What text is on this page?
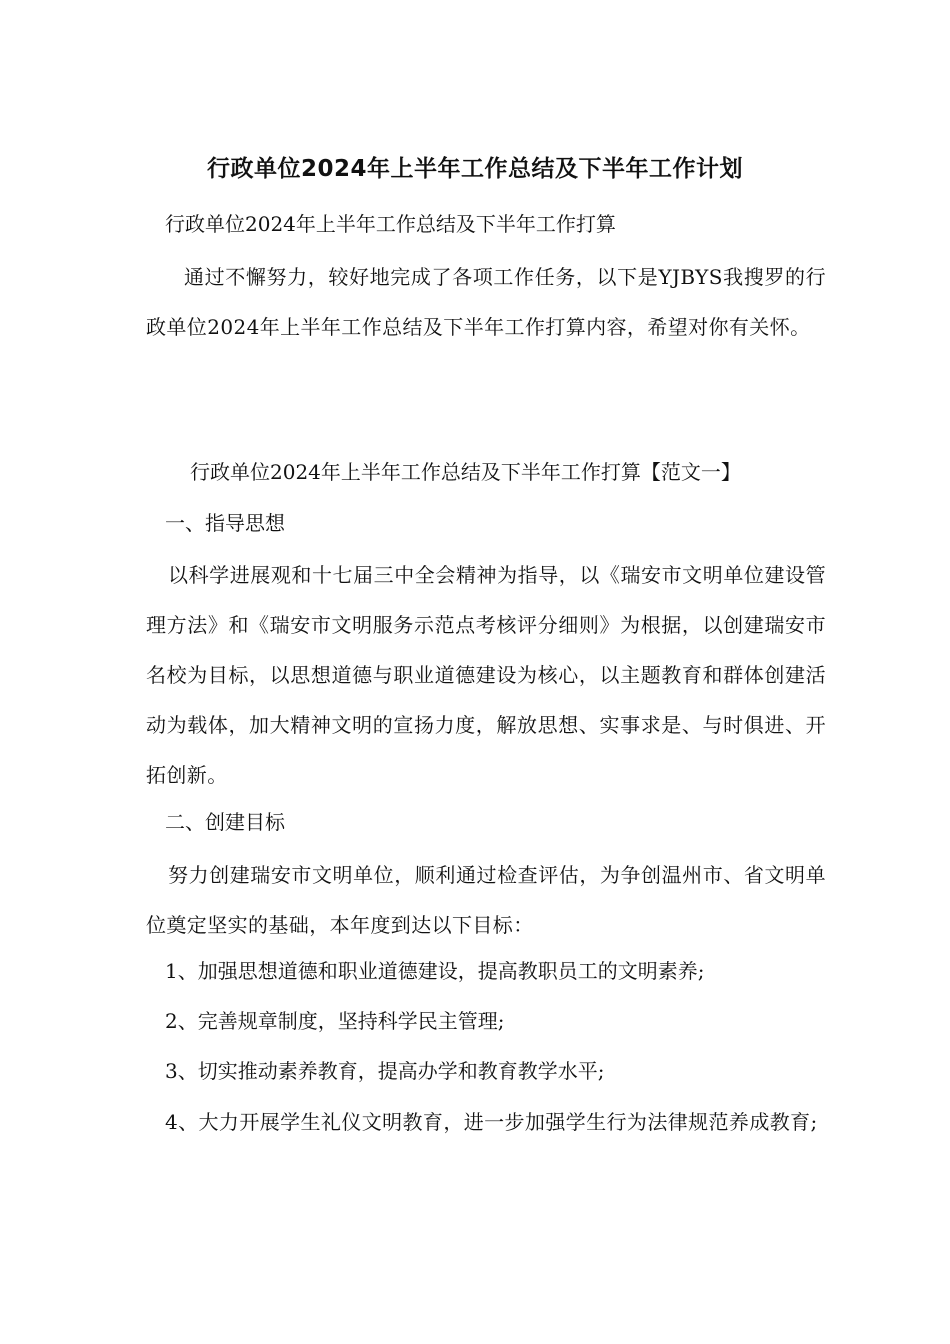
行政单位2024年上半年工作总结及下半年工作计划
行政单位2024年上半年工作总结及下半年工作打算
通过不懈努力，较好地完成了各项工作任务，以下是YJBYS我搜罗的行政单位2024年上半年工作总结及下半年工作打算内容，希望对你有关怀。
行政单位2024年上半年工作总结及下半年工作打算【范文一】
一、指导思想
以科学进展观和十七届三中全会精神为指导，以《瑞安市文明单位建设管理方法》和《瑞安市文明服务示范点考核评分细则》为根据，以创建瑞安市名校为目标，以思想道德与职业道德建设为核心，以主题教育和群体创建活动为载体，加大精神文明的宣扬力度，解放思想、实事求是、与时俱进、开拓创新。
二、创建目标
努力创建瑞安市文明单位，顺利通过检查评估，为争创温州市、省文明单位奠定坚实的基础，本年度到达以下目标：
1、加强思想道德和职业道德建设，提高教职员工的文明素养;
2、完善规章制度，坚持科学民主管理;
3、切实推动素养教育，提高办学和教育教学水平;
4、大力开展学生礼仪文明教育，进一步加强学生行为法律规范养成教育;
